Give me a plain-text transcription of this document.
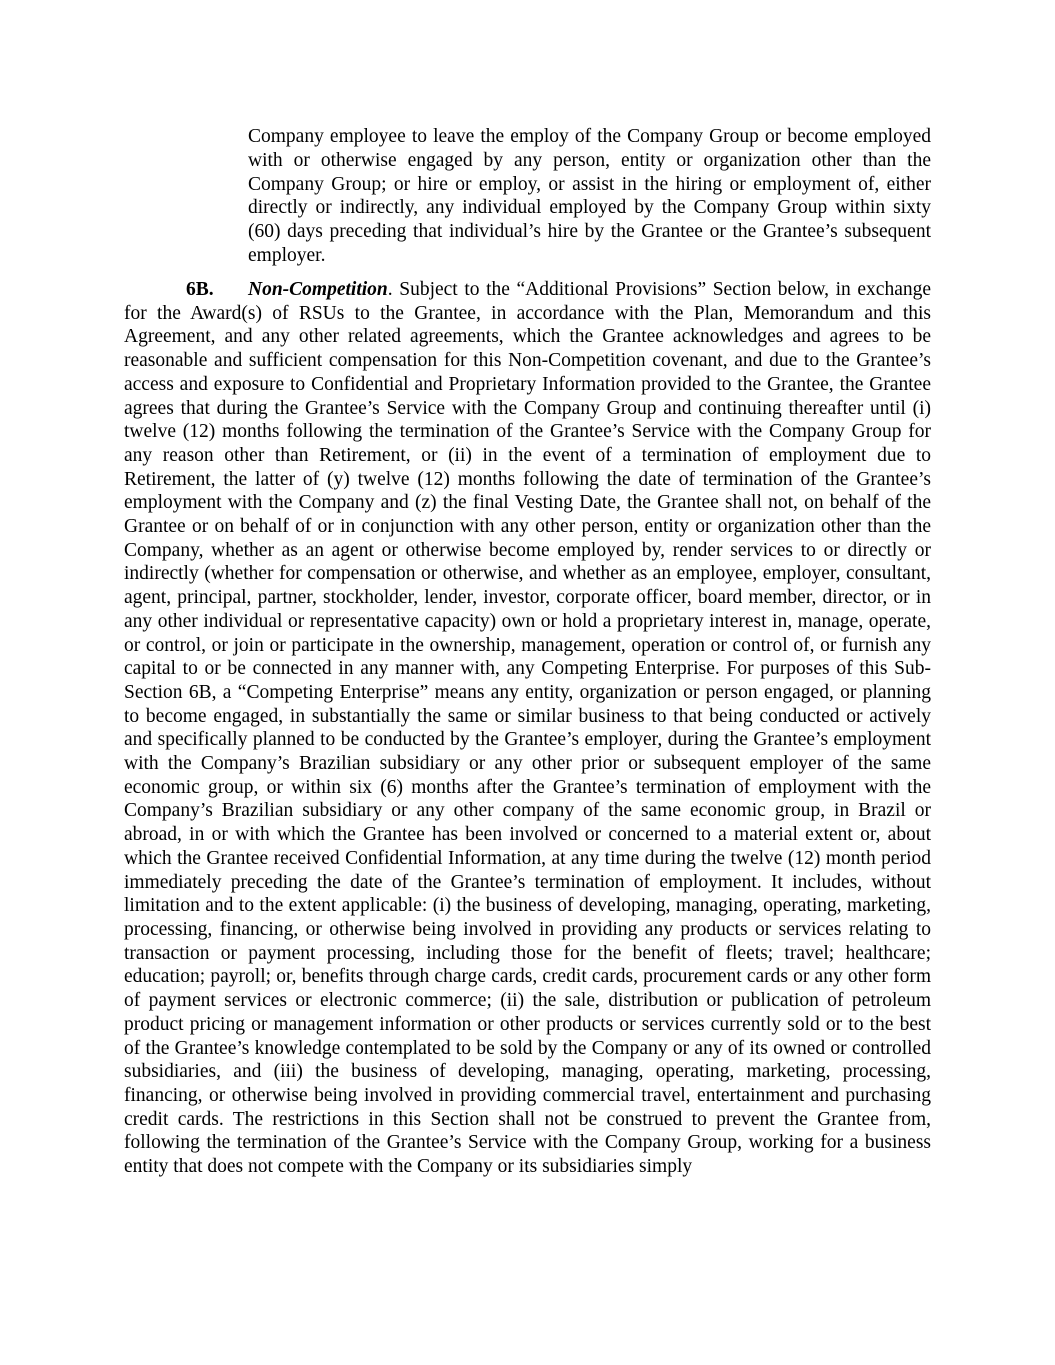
Company employee to leave the employ of the Company Group or become employed with or otherwise engaged by any person, entity or organization other than the Company Group; or hire or employ, or assist in the hiring or employment of, either directly or indirectly, any individual employed by the Company Group within sixty (60) days preceding that individual’s hire by the Grantee or the Grantee’s subsequent employer.

6B. Non-Competition. Subject to the “Additional Provisions” Section below, in exchange for the Award(s) of RSUs to the Grantee, in accordance with the Plan, Memorandum and this Agreement, and any other related agreements, which the Grantee acknowledges and agrees to be reasonable and sufficient compensation for this Non-Competition covenant, and due to the Grantee’s access and exposure to Confidential and Proprietary Information provided to the Grantee, the Grantee agrees that during the Grantee’s Service with the Company Group and continuing thereafter until (i) twelve (12) months following the termination of the Grantee’s Service with the Company Group for any reason other than Retirement, or (ii) in the event of a termination of employment due to Retirement, the latter of (y) twelve (12) months following the date of termination of the Grantee’s employment with the Company and (z) the final Vesting Date, the Grantee shall not, on behalf of the Grantee or on behalf of or in conjunction with any other person, entity or organization other than the Company, whether as an agent or otherwise become employed by, render services to or directly or indirectly (whether for compensation or otherwise, and whether as an employee, employer, consultant, agent, principal, partner, stockholder, lender, investor, corporate officer, board member, director, or in any other individual or representative capacity) own or hold a proprietary interest in, manage, operate, or control, or join or participate in the ownership, management, operation or control of, or furnish any capital to or be connected in any manner with, any Competing Enterprise. For purposes of this Sub-Section 6B, a “Competing Enterprise” means any entity, organization or person engaged, or planning to become engaged, in substantially the same or similar business to that being conducted or actively and specifically planned to be conducted by the Grantee’s employer, during the Grantee’s employment with the Company’s Brazilian subsidiary or any other prior or subsequent employer of the same economic group, or within six (6) months after the Grantee’s termination of employment with the Company’s Brazilian subsidiary or any other company of the same economic group, in Brazil or abroad, in or with which the Grantee has been involved or concerned to a material extent or, about which the Grantee received Confidential Information, at any time during the twelve (12) month period immediately preceding the date of the Grantee’s termination of employment. It includes, without limitation and to the extent applicable: (i) the business of developing, managing, operating, marketing, processing, financing, or otherwise being involved in providing any products or services relating to transaction or payment processing, including those for the benefit of fleets; travel; healthcare; education; payroll; or, benefits through charge cards, credit cards, procurement cards or any other form of payment services or electronic commerce; (ii) the sale, distribution or publication of petroleum product pricing or management information or other products or services currently sold or to the best of the Grantee’s knowledge contemplated to be sold by the Company or any of its owned or controlled subsidiaries, and (iii) the business of developing, managing, operating, marketing, processing, financing, or otherwise being involved in providing commercial travel, entertainment and purchasing credit cards. The restrictions in this Section shall not be construed to prevent the Grantee from, following the termination of the Grantee’s Service with the Company Group, working for a business entity that does not compete with the Company or its subsidiaries simply
